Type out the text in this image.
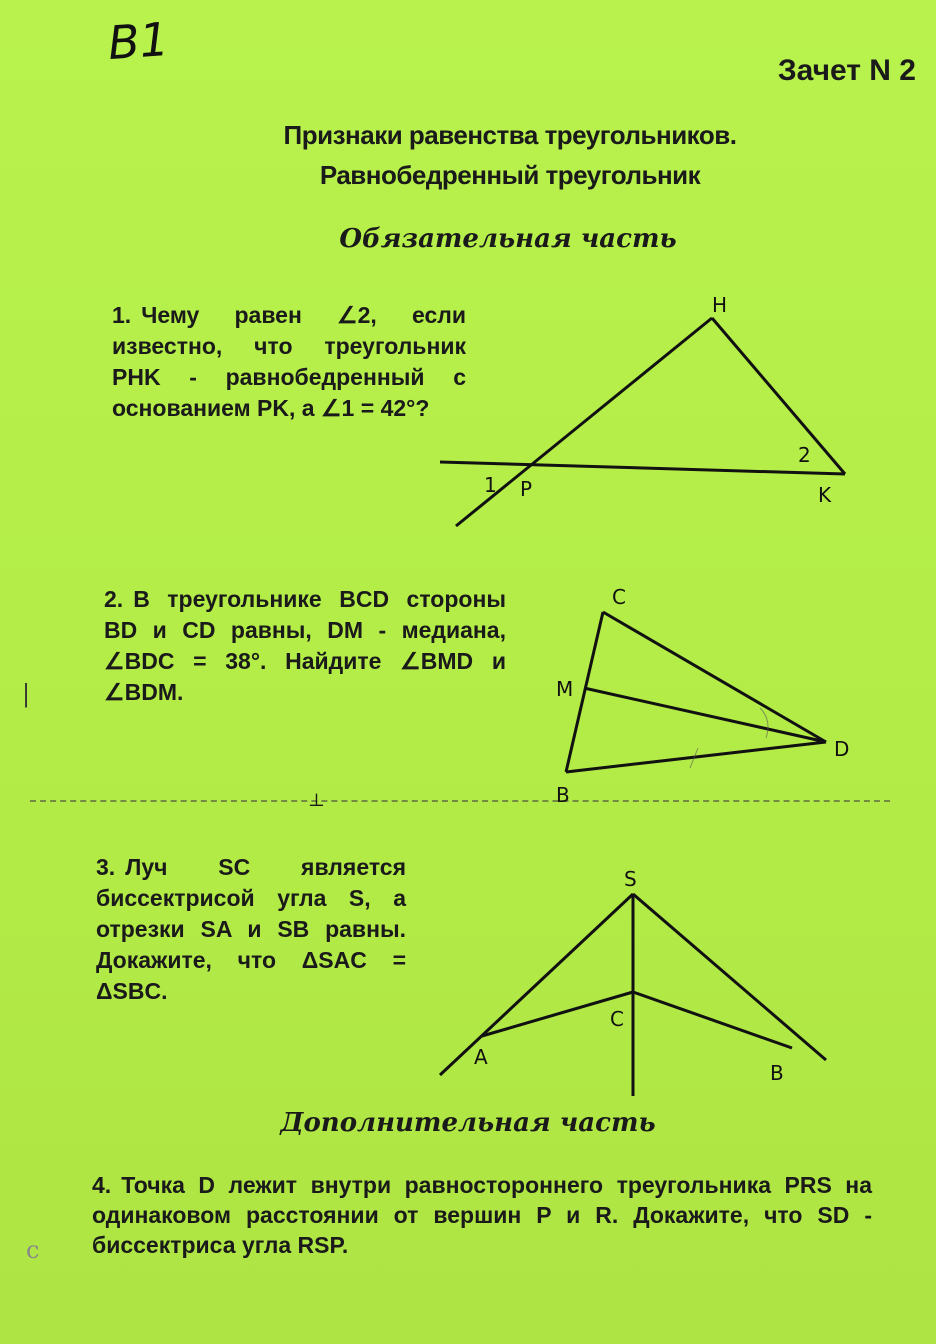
В1
Зачет N 2
Признаки равенства треугольников.
Равнобедренный треугольник
Обязательная часть
1. Чему равен ∠2, если известно, что треугольник PHK - равнобедренный с основанием PK, а ∠1 = 42°?
2. В треугольнике BCD стороны BD и CD равны, DM - медиана, ∠BDC = 38°. Найдите ∠BMD и ∠BDM.
⊥
|
3. Луч SC является биссектрисой угла S, а отрезки SA и SB равны. Докажите, что ΔSAC = ΔSBC.
Дополнительная часть
4. Точка D лежит внутри равностороннего треугольника PRS на одинаковом расстоянии от вершин P и R. Докажите, что SD - биссектриса угла RSP.
c
H
P	K
1
2
C
M
D
B
S
C
A
B
